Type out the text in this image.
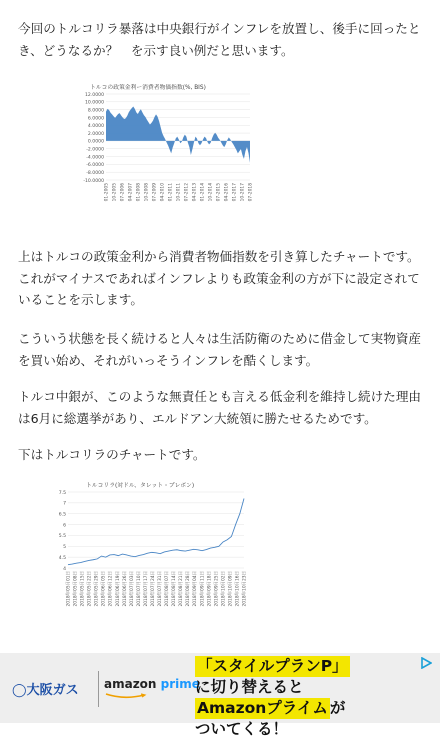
今回のトルコリラ暴落は中央銀行がインフレを放置し、後手に回ったとき、どうなるか？　を示す良い例だと思います。

トルコの政策金利ー消費者物価指数(%, BIS)
12.0000
10.0000
8.0000
6.0000
4.0000
2.0000
0.0000
-2.0000
-4.0000
-6.0000
-8.0000
-10.0000
01-2005 10-2005 07-2006 04-2007 01-2008 10-2008 07-2009 04-2010 01-2011 10-2011 07-2012 04-2013 01-2014 10-2014 07-2015 04-2016 01-2017 10-2017 07-2018

上はトルコの政策金利から消費者物価指数を引き算したチャートです。これがマイナスであればインフレよりも政策金利の方が下に設定されていることを示します。

こういう状態を長く続けると人々は生活防衛のために借金して実物資産を買い始め、それがいっそうインフレを酷くします。

トルコ中銀が、このような無責任とも言える低金利を維持し続けた理由は6月に総選挙があり、エルドアン大統領に勝たせるためです。

下はトルコリラのチャートです。

トルコリラ(対ドル、タレット・プレボン)
7.5
7
6.5
6
5.5
5
4.5
4
2018年05月01日 2018年05月08日 2018年05月15日 2018年05月22日 2018年05月29日 2018年06月05日 2018年06月12日 2018年06月19日 2018年06月26日 2018年07月03日 2018年07月10日 2018年07月17日 2018年07月24日 2018年07月31日 2018年08月07日 2018年08月14日 2018年08月21日 2018年08月28日 2018年09月04日 2018年09月11日 2018年09月18日 2018年09月25日 2018年10月02日 2018年10月09日 2018年10月16日 2018年10月23日
◯大阪ガス amazon prime
「スタイルプランP」に切り替えると
Amazonプライム が
ついてくる！
